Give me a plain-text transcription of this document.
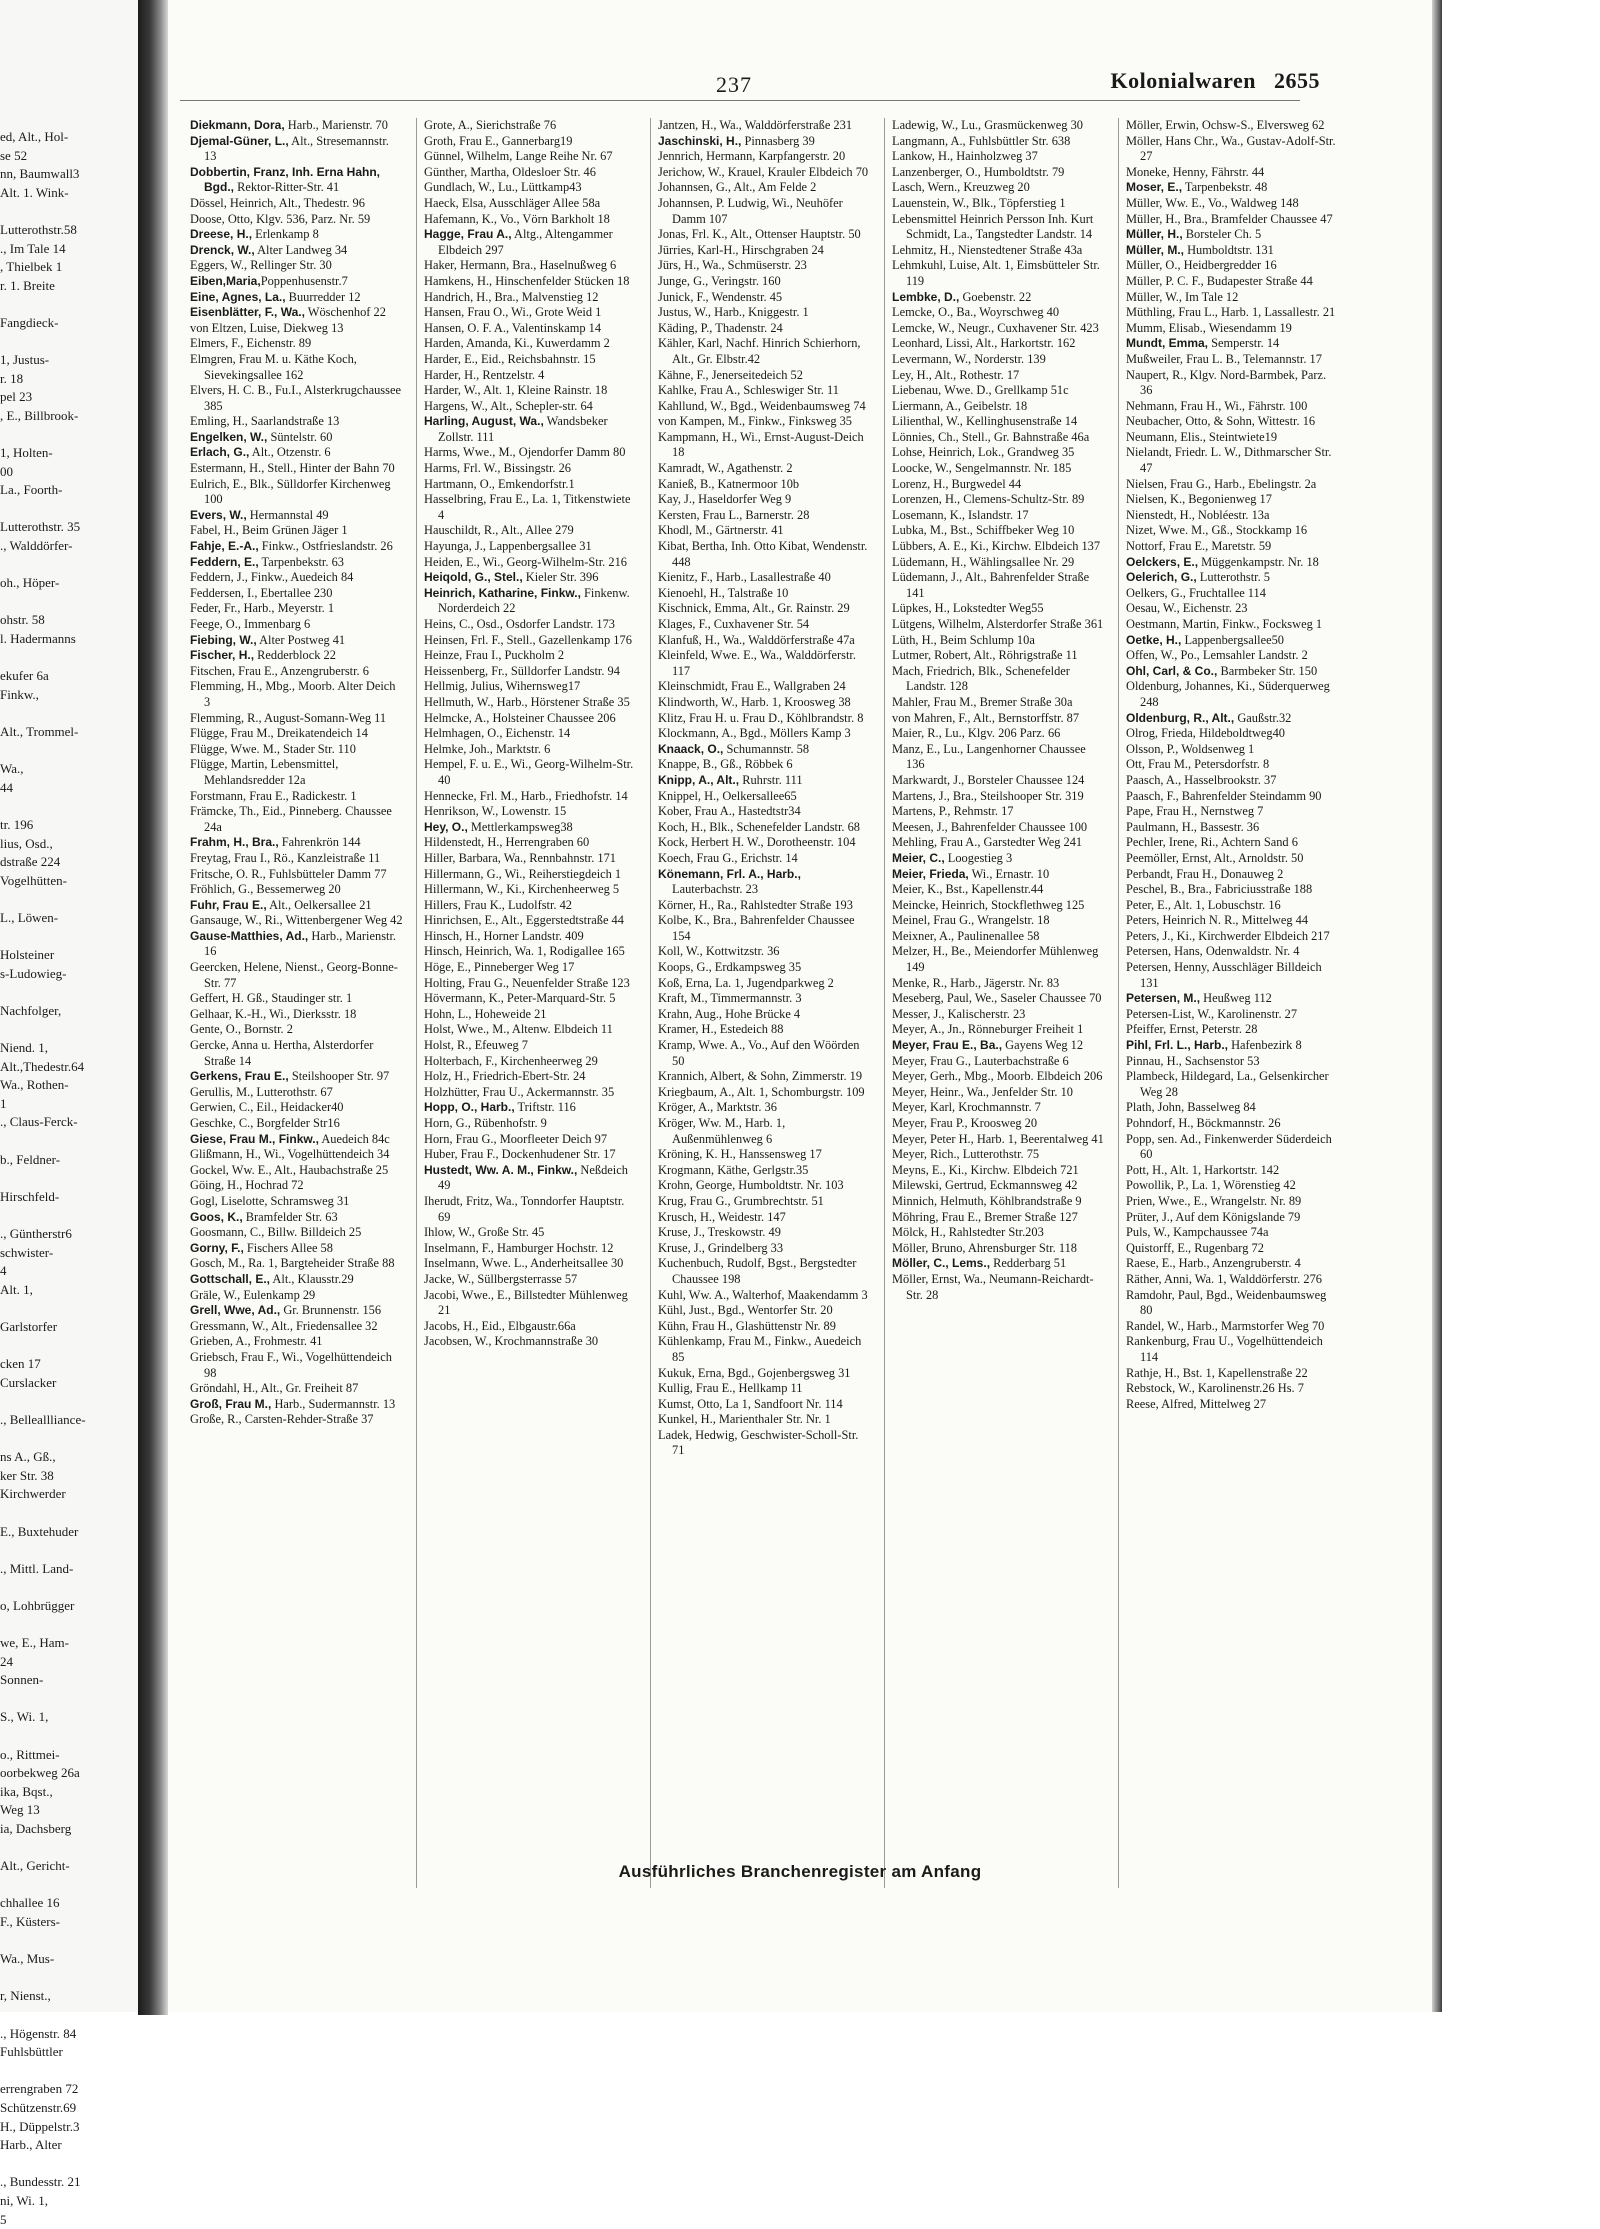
ed, Alt., Hol-
se 52
nn, Baumwall3
Alt. 1. Wink-
Lutterothstr.58
., Im Tale 14
, Thielbek 1
r. 1. Breite
Fangdieck-
1, Justus-
r. 18
pel 23
, E., Billbrook-
1, Holten-
00
La., Foorth-
Lutterothstr. 35
., Walddörfer-
oh., Höper-
ohstr. 58
l. Hadermanns
ekufer 6a
Finkw.,
Alt., Trommel-
Wa.,
44
tr. 196
lius, Osd.,
dstraße 224
Vogelhütten-
L., Löwen-
Holsteiner
s-Ludowieg-
Nachfolger,
Niend. 1,
Alt.,Thedestr.64
Wa., Rothen-
1
., Claus-Ferck-
b., Feldner-
Hirschfeld-
., Güntherstr6
schwister-
4
Alt. 1,
Garlstorfer
cken 17
Curslacker
., Belleallliance-
ns A., Gß.,
ker Str. 38
Kirchwerder
E., Buxtehuder
., Mittl. Land-
o, Lohbrügger
we, E., Ham-
24
Sonnen-
S., Wi. 1,
o., Rittmei-
oorbekweg 26a
ika, Bqst.,
Weg 13
ia, Dachsberg
Alt., Gericht-
chhallee 16
F., Küsters-
Wa., Mus-
r, Nienst.,
., Högenstr. 84
Fuhlsbüttler
errengraben 72
Schützenstr.69
H., Düppelstr.3
Harb., Alter
., Bundesstr. 21
ni, Wi. 1,
5
237	Kolonialwaren 2655

Diekmann, Dora, Harb., Marienstr. 70

Djemal-Güner, L., Alt., Stresemannstr. 13

Dobbertin, Franz, Inh. Erna Hahn, Bgd., Rektor-Ritter-Str. 41

Dössel, Heinrich, Alt., Thedestr. 96

Doose, Otto, Klgv. 536, Parz. Nr. 59

Dreese, H., Erlenkamp 8

Drenck, W., Alter Landweg 34

Eggers, W., Rellinger Str. 30

Eiben,Maria,Poppenhusenstr.7

Eine, Agnes, La., Buurredder 12

Eisenblätter, F., Wa., Wöschenhof 22

von Eltzen, Luise, Diekweg 13

Elmers, F., Eichenstr. 89

Elmgren, Frau M. u. Käthe Koch, Sievekingsallee 162

Elvers, H. C. B., Fu.I., Alsterkrugchaussee 385

Emling, H., Saarlandstraße 13

Engelken, W., Süntelstr. 60

Erlach, G., Alt., Otzenstr. 6

Estermann, H., Stell., Hinter der Bahn 70

Eulrich, E., Blk., Sülldorfer Kirchenweg 100

Evers, W., Hermannstal 49

Fabel, H., Beim Grünen Jäger 1

Fahje, E.-A., Finkw., Ostfrieslandstr. 26

Feddern, E., Tarpenbekstr. 63

Feddern, J., Finkw., Auedeich 84

Feddersen, I., Ebertallee 230

Feder, Fr., Harb., Meyerstr. 1

Feege, O., Immenbarg 6

Fiebing, W., Alter Postweg 41

Fischer, H., Redderblock 22

Fitschen, Frau E., Anzengruberstr. 6

Flemming, H., Mbg., Moorb. Alter Deich 3

Flemming, R., August-Somann-Weg 11

Flügge, Frau M., Dreikatendeich 14

Flügge, Wwe. M., Stader Str. 110

Flügge, Martin, Lebensmittel, Mehlandsredder 12a

Forstmann, Frau E., Radickestr. 1

Främcke, Th., Eid., Pinneberg. Chaussee 24a

Frahm, H., Bra., Fahrenkrön 144

Freytag, Frau I., Rö., Kanzleistraße 11

Fritsche, O. R., Fuhlsbütteler Damm 77

Fröhlich, G., Bessemerweg 20

Fuhr, Frau E., Alt., Oelkersallee 21

Gansauge, W., Ri., Wittenbergener Weg 42

Gause-Matthies, Ad., Harb., Marienstr. 16

Geercken, Helene, Nienst., Georg-Bonne-Str. 77

Geffert, H. Gß., Staudinger str. 1

Gelhaar, K.-H., Wi., Dierksstr. 18

Gente, O., Bornstr. 2

Gercke, Anna u. Hertha, Alsterdorfer Straße 14

Gerkens, Frau E., Steilshooper Str. 97

Gerullis, M., Lutterothstr. 67

Gerwien, C., Eil., Heidacker40

Geschke, C., Borgfelder Str16

Giese, Frau M., Finkw., Auedeich 84c

Glißmann, H., Wi., Vogelhüttendeich 34

Gockel, Ww. E., Alt., Haubachstraße 25

Göing, H., Hochrad 72

Gogl, Liselotte, Schramsweg 31

Goos, K., Bramfelder Str. 63

Goosmann, C., Billw. Billdeich 25

Gorny, F., Fischers Allee 58

Gosch, M., Ra. 1, Bargteheider Straße 88

Gottschall, E., Alt., Klausstr.29

Gräle, W., Eulenkamp 29

Grell, Wwe, Ad., Gr. Brunnenstr. 156

Gressmann, W., Alt., Friedensallee 32

Grieben, A., Frohmestr. 41

Griebsch, Frau F., Wi., Vogelhüttendeich 98

Gröndahl, H., Alt., Gr. Freiheit 87

Groß, Frau M., Harb., Sudermannstr. 13

Große, R., Carsten-Rehder-Straße 37

Grote, A., Sierichstraße 76

Groth, Frau E., Gannerbarg19

Günnel, Wilhelm, Lange Reihe Nr. 67

Günther, Martha, Oldesloer Str. 46

Gundlach, W., Lu., Lüttkamp43

Haeck, Elsa, Ausschläger Allee 58a

Hafemann, K., Vo., Vörn Barkholt 18

Hagge, Frau A., Altg., Altengammer Elbdeich 297

Haker, Hermann, Bra., Haselnußweg 6

Hamkens, H., Hinschenfelder Stücken 18

Handrich, H., Bra., Malvenstieg 12

Hansen, Frau O., Wi., Grote Weid 1

Hansen, O. F. A., Valentinskamp 14

Harden, Amanda, Ki., Kuwerdamm 2

Harder, E., Eid., Reichsbahnstr. 15

Harder, H., Rentzelstr. 4

Harder, W., Alt. 1, Kleine Rainstr. 18

Hargens, W., Alt., Schepler-str. 64

Harling, August, Wa., Wandsbeker Zollstr. 111

Harms, Wwe., M., Ojendorfer Damm 80

Harms, Frl. W., Bissingstr. 26

Hartmann, O., Emkendorfstr.1

Hasselbring, Frau E., La. 1, Titkenstwiete 4

Hauschildt, R., Alt., Allee 279

Hayunga, J., Lappenbergsallee 31

Heiden, E., Wi., Georg-Wilhelm-Str. 216

Heiqold, G., Stel., Kieler Str. 396

Heinrich, Katharine, Finkw., Finkenw. Norderdeich 22

Heins, C., Osd., Osdorfer Landstr. 173

Heinsen, Frl. F., Stell., Gazellenkamp 176

Heinze, Frau I., Puckholm 2

Heissenberg, Fr., Sülldorfer Landstr. 94

Hellmig, Julius, Wihernsweg17

Hellmuth, W., Harb., Hörstener Straße 35

Helmcke, A., Holsteiner Chaussee 206

Helmhagen, O., Eichenstr. 14

Helmke, Joh., Marktstr. 6

Hempel, F. u. E., Wi., Georg-Wilhelm-Str. 40

Hennecke, Frl. M., Harb., Friedhofstr. 14

Henrikson, W., Lowenstr. 15

Hey, O., Mettlerkampsweg38

Hildenstedt, H., Herrengraben 60

Hiller, Barbara, Wa., Rennbahnstr. 171

Hillermann, G., Wi., Reiherstiegdeich 1

Hillermann, W., Ki., Kirchenheerweg 5

Hillers, Frau K., Ludolfstr. 42

Hinrichsen, E., Alt., Eggerstedtstraße 44

Hinsch, H., Horner Landstr. 409

Hinsch, Heinrich, Wa. 1, Rodigallee 165

Höge, E., Pinneberger Weg 17

Holting, Frau G., Neuenfelder Straße 123

Hövermann, K., Peter-Marquard-Str. 5

Hohn, L., Hoheweide 21

Holst, Wwe., M., Altenw. Elbdeich 11

Holst, R., Efeuweg 7

Holterbach, F., Kirchenheerweg 29

Holz, H., Friedrich-Ebert-Str. 24

Holzhütter, Frau U., Ackermannstr. 35

Hopp, O., Harb., Triftstr. 116

Horn, G., Rübenhofstr. 9

Horn, Frau G., Moorfleeter Deich 97

Huber, Frau F., Dockenhudener Str. 17

Hustedt, Ww. A. M., Finkw., Neßdeich 49

Iherudt, Fritz, Wa., Tonndorfer Hauptstr. 69

Ihlow, W., Große Str. 45

Inselmann, F., Hamburger Hochstr. 12

Inselmann, Wwe. L., Anderheitsallee 30

Jacke, W., Süllbergsterrasse 57

Jacobi, Wwe., E., Billstedter Mühlenweg 21

Jacobs, H., Eid., Elbgaustr.66a

Jacobsen, W., Krochmannstraße 30

Jantzen, H., Wa., Walddörferstraße 231

Jaschinski, H., Pinnasberg 39

Jennrich, Hermann, Karpfangerstr. 20

Jerichow, W., Krauel, Krauler Elbdeich 70

Johannsen, G., Alt., Am Felde 2

Johannsen, P. Ludwig, Wi., Neuhöfer Damm 107

Jonas, Frl. K., Alt., Ottenser Hauptstr. 50

Jürries, Karl-H., Hirschgraben 24

Jürs, H., Wa., Schmüserstr. 23

Junge, G., Veringstr. 160

Junick, F., Wendenstr. 45

Justus, W., Harb., Kniggestr. 1

Käding, P., Thadenstr. 24

Kähler, Karl, Nachf. Hinrich Schierhorn, Alt., Gr. Elbstr.42

Kähne, F., Jenerseitedeich 52

Kahlke, Frau A., Schleswiger Str. 11

Kahllund, W., Bgd., Weidenbaumsweg 74

von Kampen, M., Finkw., Finksweg 35

Kampmann, H., Wi., Ernst-August-Deich 18

Kamradt, W., Agathenstr. 2

Kanieß, B., Katnermoor 10b

Kay, J., Haseldorfer Weg 9

Kersten, Frau L., Barnerstr. 28

Khodl, M., Gärtnerstr. 41

Kibat, Bertha, Inh. Otto Kibat, Wendenstr. 448

Kienitz, F., Harb., Lasallestraße 40

Kienoehl, H., Talstraße 10

Kischnick, Emma, Alt., Gr. Rainstr. 29

Klages, F., Cuxhavener Str. 54

Klanfuß, H., Wa., Walddörferstraße 47a

Kleinfeld, Wwe. E., Wa., Walddörferstr. 117

Kleinschmidt, Frau E., Wallgraben 24

Klindworth, W., Harb. 1, Kroosweg 38

Klitz, Frau H. u. Frau D., Köhlbrandstr. 8

Klockmann, A., Bgd., Möllers Kamp 3

Knaack, O., Schumannstr. 58

Knappe, B., Gß., Röbbek 6

Knipp, A., Alt., Ruhrstr. 111

Knippel, H., Oelkersallee65

Kober, Frau A., Hastedtstr34

Koch, H., Blk., Schenefelder Landstr. 68

Kock, Herbert H. W., Dorotheenstr. 104

Koech, Frau G., Erichstr. 14

Könemann, Frl. A., Harb., Lauterbachstr. 23

Körner, H., Ra., Rahlstedter Straße 193

Kolbe, K., Bra., Bahrenfelder Chaussee 154

Koll, W., Kottwitzstr. 36

Koops, G., Erdkampsweg 35

Koß, Erna, La. 1, Jugendparkweg 2

Kraft, M., Timmermannstr. 3

Krahn, Aug., Hohe Brücke 4

Kramer, H., Estedeich 88

Kramp, Wwe. A., Vo., Auf den Wöörden 50

Krannich, Albert, & Sohn, Zimmerstr. 19

Kriegbaum, A., Alt. 1, Schomburgstr. 109

Kröger, A., Marktstr. 36

Kröger, Ww. M., Harb. 1, Außenmühlenweg 6

Kröning, K. H., Hanssensweg 17

Krogmann, Käthe, Gerlgstr.35

Krohn, George, Humboldtstr. Nr. 103

Krug, Frau G., Grumbrechtstr. 51

Krusch, H., Weidestr. 147

Kruse, J., Treskowstr. 49

Kruse, J., Grindelberg 33

Kuchenbuch, Rudolf, Bgst., Bergstedter Chaussee 198

Kuhl, Ww. A., Walterhof, Maakendamm 3

Kühl, Just., Bgd., Wentorfer Str. 20

Kühn, Frau H., Glashüttenstr Nr. 89

Kühlenkamp, Frau M., Finkw., Auedeich 85

Kukuk, Erna, Bgd., Gojenbergsweg 31

Kullig, Frau E., Hellkamp 11

Kumst, Otto, La 1, Sandfoort Nr. 114

Kunkel, H., Marienthaler Str. Nr. 1

Ladek, Hedwig, Geschwister-Scholl-Str. 71

Ladewig, W., Lu., Grasmückenweg 30

Langmann, A., Fuhlsbüttler Str. 638

Lankow, H., Hainholzweg 37

Lanzenberger, O., Humboldtstr. 79

Lasch, Wern., Kreuzweg 20

Lauenstein, W., Blk., Töpferstieg 1

Lebensmittel Heinrich Persson Inh. Kurt Schmidt, La., Tangstedter Landstr. 14

Lehmitz, H., Nienstedtener Straße 43a

Lehmkuhl, Luise, Alt. 1, Eimsbütteler Str. 119

Lembke, D., Goebenstr. 22

Lemcke, O., Ba., Woyrschweg 40

Lemcke, W., Neugr., Cuxhavener Str. 423

Leonhard, Lissi, Alt., Harkortstr. 162

Levermann, W., Norderstr. 139

Ley, H., Alt., Rothestr. 17

Liebenau, Wwe. D., Grellkamp 51c

Liermann, A., Geibelstr. 18

Lilienthal, W., Kellinghusenstraße 14

Lönnies, Ch., Stell., Gr. Bahnstraße 46a

Lohse, Heinrich, Lok., Grandweg 35

Loocke, W., Sengelmannstr. Nr. 185

Lorenz, H., Burgwedel 44

Lorenzen, H., Clemens-Schultz-Str. 89

Losemann, K., Islandstr. 17

Lubka, M., Bst., Schiffbeker Weg 10

Lübbers, A. E., Ki., Kirchw. Elbdeich 137

Lüdemann, H., Wählingsallee Nr. 29

Lüdemann, J., Alt., Bahrenfelder Straße 141

Lüpkes, H., Lokstedter Weg55

Lütgens, Wilhelm, Alsterdorfer Straße 361

Lüth, H., Beim Schlump 10a

Lutmer, Robert, Alt., Röhrigstraße 11

Mach, Friedrich, Blk., Schenefelder Landstr. 128

Mahler, Frau M., Bremer Straße 30a

von Mahren, F., Alt., Bernstorffstr. 87

Maier, R., Lu., Klgv. 206 Parz. 66

Manz, E., Lu., Langenhorner Chaussee 136

Markwardt, J., Borsteler Chaussee 124

Martens, J., Bra., Steilshooper Str. 319

Martens, P., Rehmstr. 17

Meesen, J., Bahrenfelder Chaussee 100

Mehling, Frau A., Garstedter Weg 241

Meier, C., Loogestieg 3

Meier, Frieda, Wi., Ernastr. 10

Meier, K., Bst., Kapellenstr.44

Meincke, Heinrich, Stockflethweg 125

Meinel, Frau G., Wrangelstr. 18

Meixner, A., Paulinenallee 58

Melzer, H., Be., Meiendorfer Mühlenweg 149

Menke, R., Harb., Jägerstr. Nr. 83

Meseberg, Paul, We., Saseler Chaussee 70

Messer, J., Kalischerstr. 23

Meyer, A., Jn., Rönneburger Freiheit 1

Meyer, Frau E., Ba., Gayens Weg 12

Meyer, Frau G., Lauterbachstraße 6

Meyer, Gerh., Mbg., Moorb. Elbdeich 206

Meyer, Heinr., Wa., Jenfelder Str. 10

Meyer, Karl, Krochmannstr. 7

Meyer, Frau P., Kroosweg 20

Meyer, Peter H., Harb. 1, Beerentalweg 41

Meyer, Rich., Lutterothstr. 75

Meyns, E., Ki., Kirchw. Elbdeich 721

Milewski, Gertrud, Eckmannsweg 42

Minnich, Helmuth, Köhlbrandstraße 9

Möhring, Frau E., Bremer Straße 127

Mölck, H., Rahlstedter Str.203

Möller, Bruno, Ahrensburger Str. 118

Möller, C., Lems., Redderbarg 51

Möller, Ernst, Wa., Neumann-Reichardt-Str. 28

Möller, Erwin, Ochsw-S., Elversweg 62

Möller, Hans Chr., Wa., Gustav-Adolf-Str. 27

Moneke, Henny, Fährstr. 44

Moser, E., Tarpenbekstr. 48

Müller, Ww. E., Vo., Waldweg 148

Müller, H., Bra., Bramfelder Chaussee 47

Müller, H., Borsteler Ch. 5

Müller, M., Humboldtstr. 131

Müller, O., Heidbergredder 16

Müller, P. C. F., Budapester Straße 44

Müller, W., Im Tale 12

Müthling, Frau L., Harb. 1, Lassallestr. 21

Mumm, Elisab., Wiesendamm 19

Mundt, Emma, Semperstr. 14

Mußweiler, Frau L. B., Telemannstr. 17

Naupert, R., Klgv. Nord-Barmbek, Parz. 36

Nehmann, Frau H., Wi., Fährstr. 100

Neubacher, Otto, & Sohn, Wittestr. 16

Neumann, Elis., Steintwiete19

Nielandt, Friedr. L. W., Dithmarscher Str. 47

Nielsen, Frau G., Harb., Ebelingstr. 2a

Nielsen, K., Begonienweg 17

Nienstedt, H., Nobléestr. 13a

Nizet, Wwe. M., Gß., Stockkamp 16

Nottorf, Frau E., Maretstr. 59

Oelckers, E., Müggenkampstr. Nr. 18

Oelerich, G., Lutterothstr. 5

Oelkers, G., Fruchtallee 114

Oesau, W., Eichenstr. 23

Oestmann, Martin, Finkw., Focksweg 1

Oetke, H., Lappenbergsallee50

Offen, W., Po., Lemsahler Landstr. 2

Ohl, Carl, & Co., Barmbeker Str. 150

Oldenburg, Johannes, Ki., Süderquerweg 248

Oldenburg, R., Alt., Gaußstr.32

Olrog, Frieda, Hildeboldtweg40

Olsson, P., Woldsenweg 1

Ott, Frau M., Petersdorfstr. 8

Paasch, A., Hasselbrookstr. 37

Paasch, F., Bahrenfelder Steindamm 90

Pape, Frau H., Nernstweg 7

Paulmann, H., Bassestr. 36

Pechler, Irene, Ri., Achtern Sand 6

Peemöller, Ernst, Alt., Arnoldstr. 50

Perbandt, Frau H., Donauweg 2

Peschel, B., Bra., Fabriciusstraße 188

Peter, E., Alt. 1, Lobuschstr. 16

Peters, Heinrich N. R., Mittelweg 44

Peters, J., Ki., Kirchwerder Elbdeich 217

Petersen, Hans, Odenwaldstr. Nr. 4

Petersen, Henny, Ausschläger Billdeich 131

Petersen, M., Heußweg 112

Petersen-List, W., Karolinenstr. 27

Pfeiffer, Ernst, Peterstr. 28

Pihl, Frl. L., Harb., Hafenbezirk 8

Pinnau, H., Sachsenstor 53

Plambeck, Hildegard, La., Gelsenkircher Weg 28

Plath, John, Basselweg 84

Pohndorf, H., Böckmannstr. 26

Popp, sen. Ad., Finkenwerder Süderdeich 60

Pott, H., Alt. 1, Harkortstr. 142

Powollik, P., La. 1, Wörenstieg 42

Prien, Wwe., E., Wrangelstr. Nr. 89

Prüter, J., Auf dem Königslande 79

Puls, W., Kampchaussee 74a

Quistorff, E., Rugenbarg 72

Raese, E., Harb., Anzengruberstr. 4

Räther, Anni, Wa. 1, Walddörferstr. 276

Ramdohr, Paul, Bgd., Weidenbaumsweg 80

Randel, W., Harb., Marmstorfer Weg 70

Rankenburg, Frau U., Vogelhüttendeich 114

Rathje, H., Bst. 1, Kapellenstraße 22

Rebstock, W., Karolinenstr.26 Hs. 7

Reese, Alfred, Mittelweg 27

Ausführliches Branchenregister am Anfang
